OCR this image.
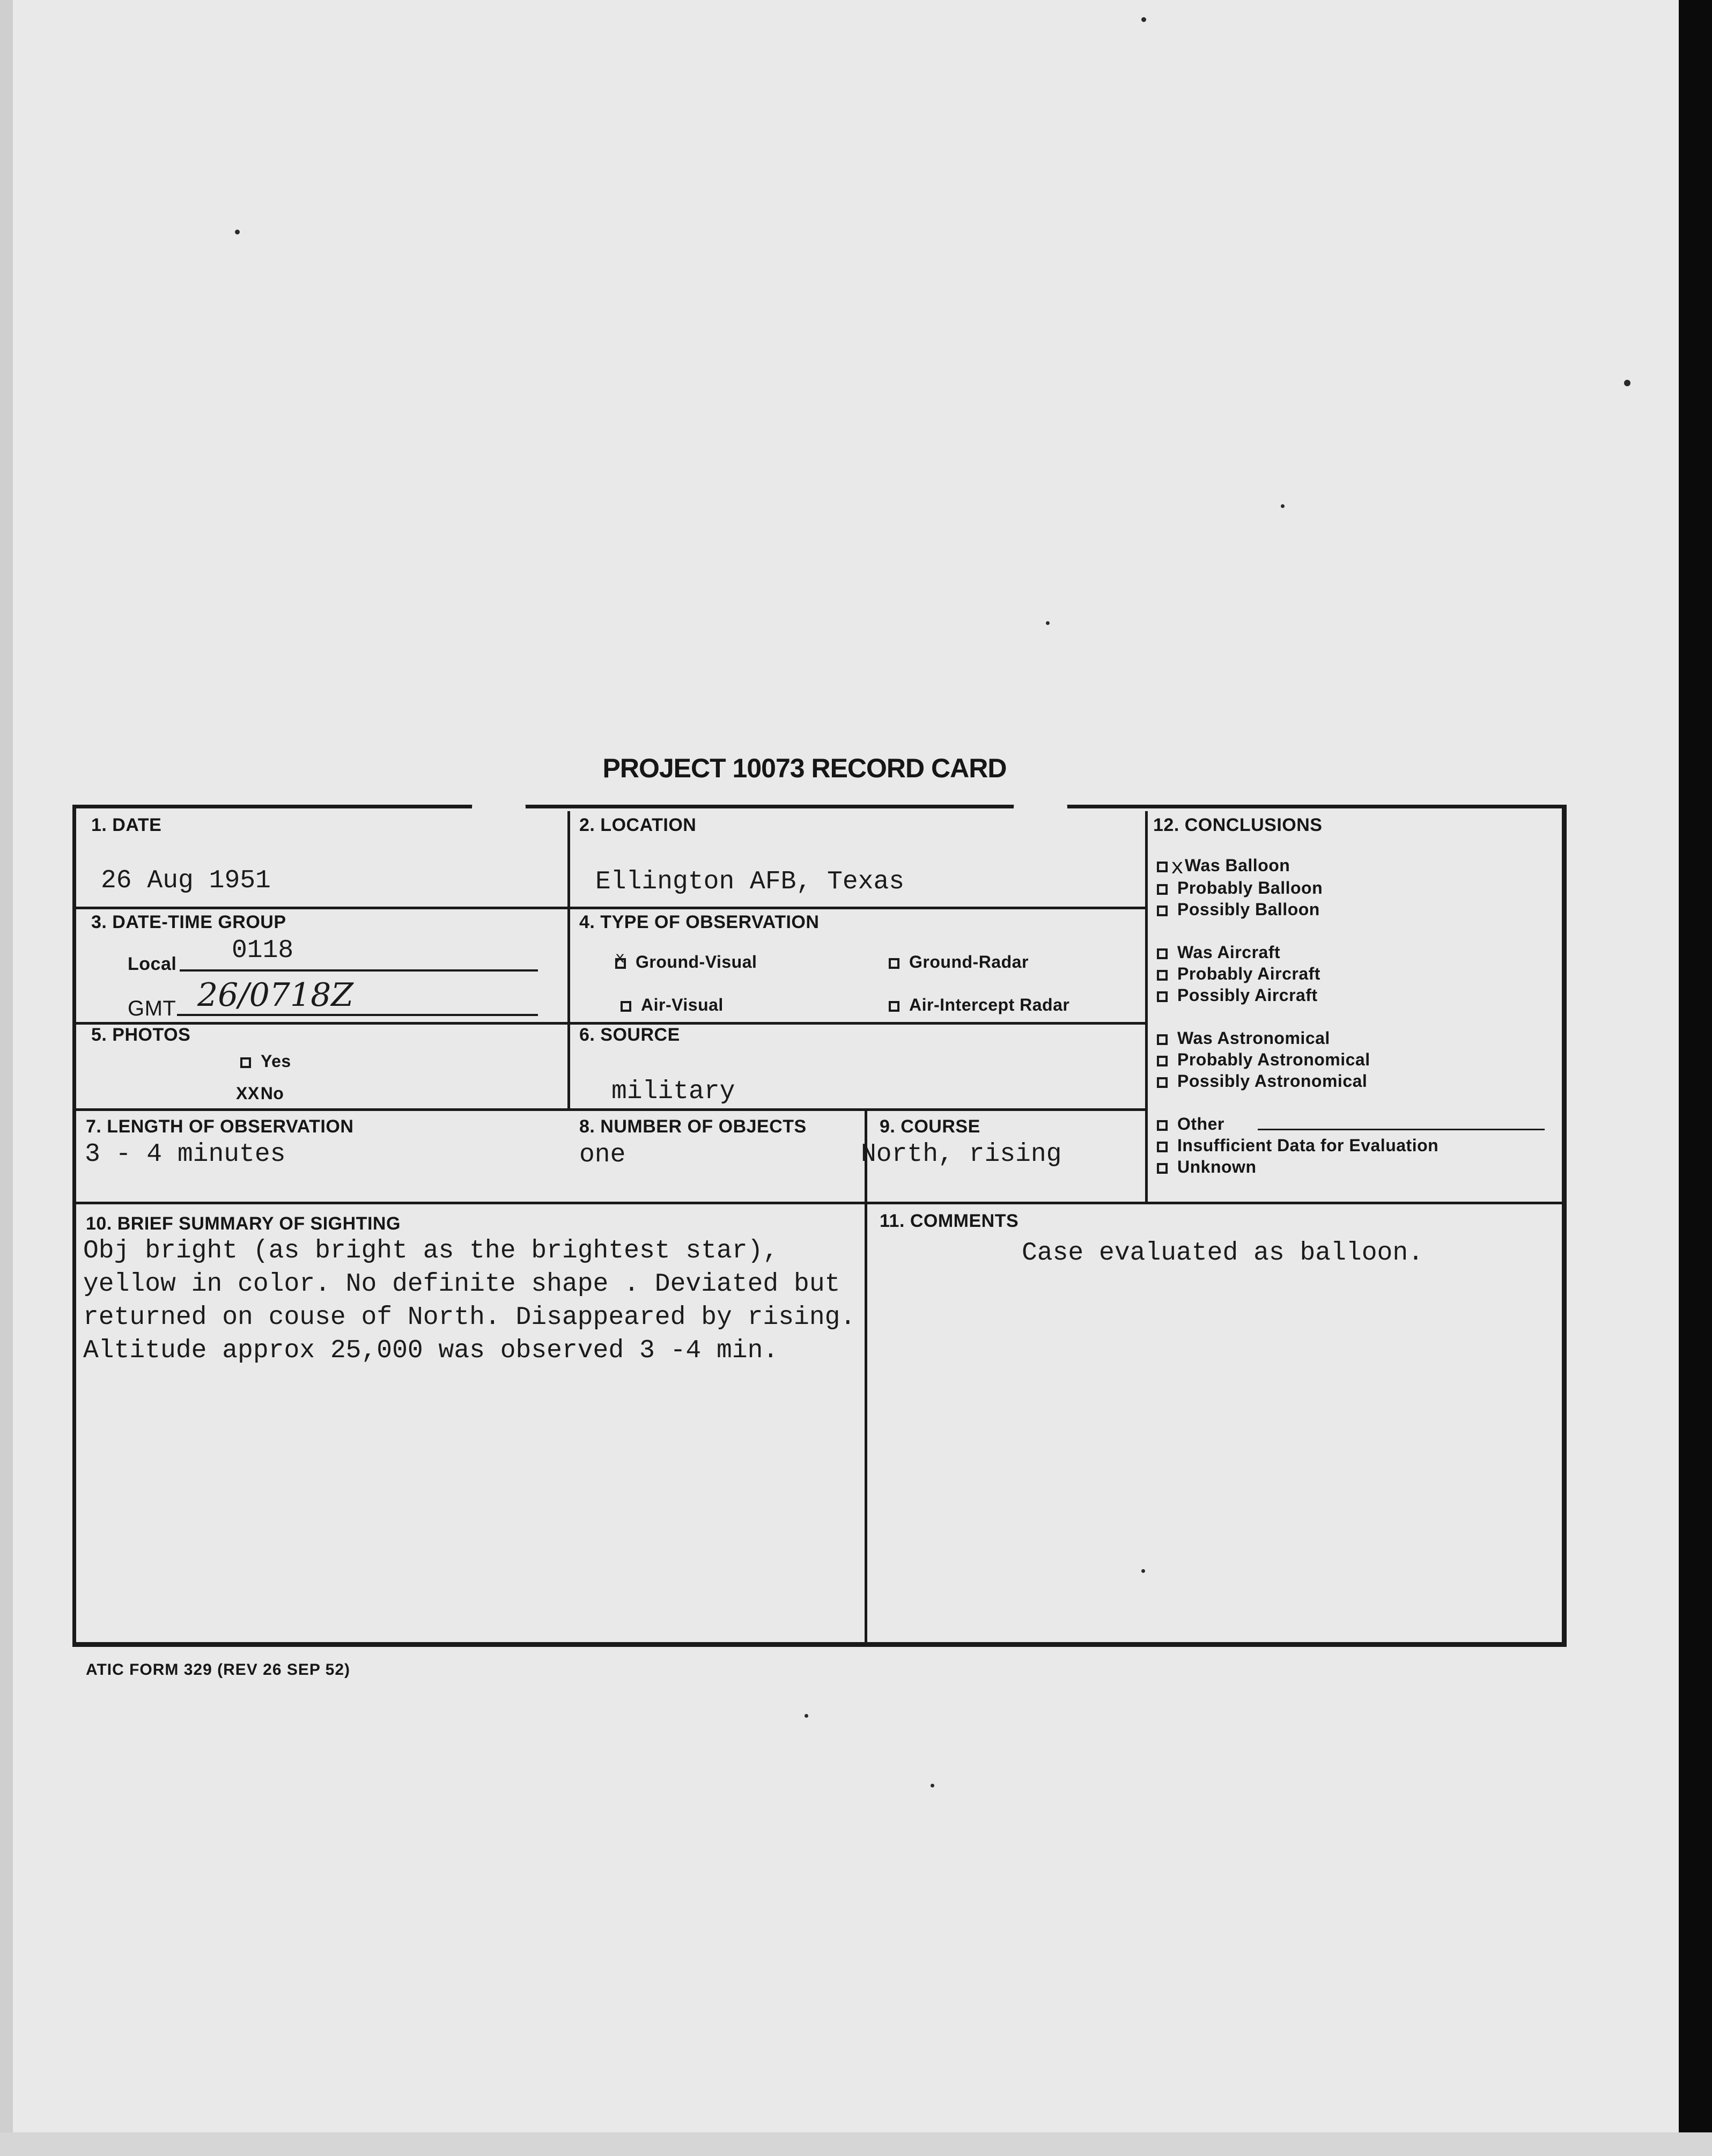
PROJECT 10073 RECORD CARD
1. DATE
26 Aug 1951
2. LOCATION
Ellington AFB, Texas
3. DATE-TIME GROUP
Local 0118
GMT 26/0718Z
4. TYPE OF OBSERVATION
x Ground-Visual	Ground-Radar
Air-Visual	Air-Intercept Radar
5. PHOTOS
Yes
XXNo
6. SOURCE
military
7. LENGTH OF OBSERVATION
3 - 4 minutes
8. NUMBER OF OBJECTS
one
9. COURSE
North, rising
10. BRIEF SUMMARY OF SIGHTING
Obj bright (as bright as the brightest star),
yellow in color. No definite shape . Deviated but
returned on couse of North. Disappeared by rising.
Altitude approx 25,000 was observed 3 -4 min.
11. COMMENTS
Case evaluated as balloon.
12. CONCLUSIONS
x Was Balloon
Probably Balloon
Possibly Balloon
Was Aircraft
Probably Aircraft
Possibly Aircraft
Was Astronomical
Probably Astronomical
Possibly Astronomical
Other
Insufficient Data for Evaluation
Unknown
ATIC FORM 329 (REV 26 SEP 52)
